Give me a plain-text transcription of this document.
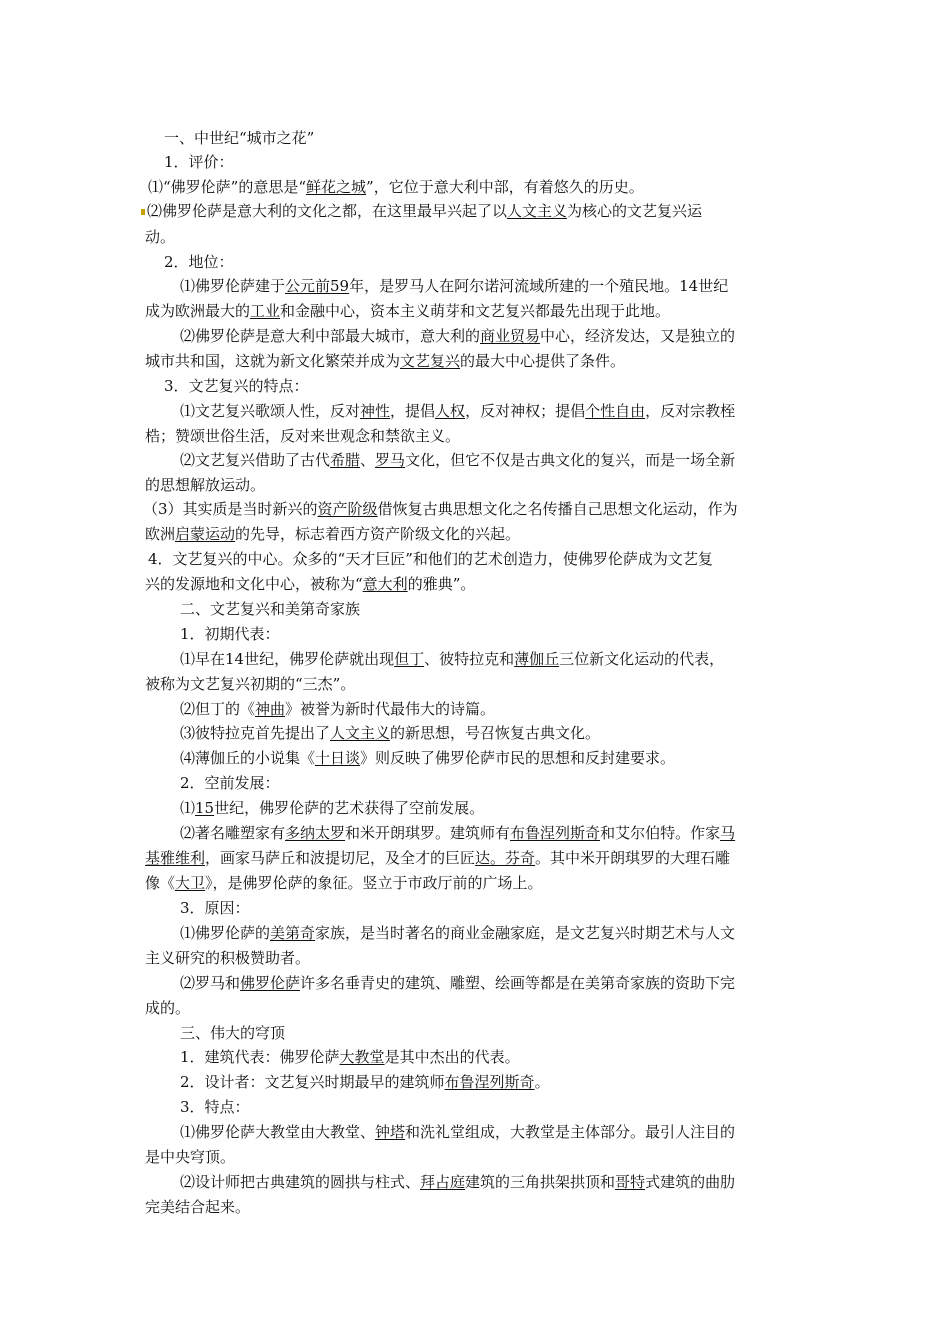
一、中世纪“城市之花”
1．评价：
⑴“佛罗伦萨”的意思是“鲜花之城”，它位于意大利中部，有着悠久的历史。
⑵佛罗伦萨是意大利的文化之都，在这里最早兴起了以人文主义为核心的文艺复兴运
动。
2．地位：
⑴佛罗伦萨建于公元前59年，是罗马人在阿尔诺河流域所建的一个殖民地。14世纪
成为欧洲最大的工业和金融中心，资本主义萌芽和文艺复兴都最先出现于此地。
⑵佛罗伦萨是意大利中部最大城市，意大利的商业贸易中心，经济发达，又是独立的
城市共和国，这就为新文化繁荣并成为文艺复兴的最大中心提供了条件。
3．文艺复兴的特点：
⑴文艺复兴歌颂人性，反对神性，提倡人权，反对神权；提倡个性自由，反对宗教桎
梏；赞颂世俗生活，反对来世观念和禁欲主义。
⑵文艺复兴借助了古代希腊、罗马文化，但它不仅是古典文化的复兴，而是一场全新
的思想解放运动。
（3）其实质是当时新兴的资产阶级借恢复古典思想文化之名传播自己思想文化运动，作为
欧洲启蒙运动的先导，标志着西方资产阶级文化的兴起。
4．文艺复兴的中心。众多的“天才巨匠”和他们的艺术创造力，使佛罗伦萨成为文艺复
兴的发源地和文化中心，被称为“意大利的雅典”。
二、文艺复兴和美第奇家族
1．初期代表：
⑴早在14世纪，佛罗伦萨就出现但丁、彼特拉克和薄伽丘三位新文化运动的代表，
被称为文艺复兴初期的“三杰”。
⑵但丁的《神曲》被誉为新时代最伟大的诗篇。
⑶彼特拉克首先提出了人文主义的新思想，号召恢复古典文化。
⑷薄伽丘的小说集《十日谈》则反映了佛罗伦萨市民的思想和反封建要求。
2．空前发展：
⑴15世纪，佛罗伦萨的艺术获得了空前发展。
⑵著名雕塑家有多纳太罗和米开朗琪罗。建筑师有布鲁涅列斯奇和艾尔伯特。作家马
基雅维利，画家马萨丘和波提切尼，及全才的巨匠达。芬奇。其中米开朗琪罗的大理石雕
像《大卫》，是佛罗伦萨的象征。竖立于市政厅前的广场上。
3．原因：
⑴佛罗伦萨的美第奇家族，是当时著名的商业金融家庭，是文艺复兴时期艺术与人文
主义研究的积极赞助者。
⑵罗马和佛罗伦萨许多名垂青史的建筑、雕塑、绘画等都是在美第奇家族的资助下完
成的。
三、伟大的穹顶
1．建筑代表：佛罗伦萨大教堂是其中杰出的代表。
2．设计者：文艺复兴时期最早的建筑师布鲁涅列斯奇。
3．特点：
⑴佛罗伦萨大教堂由大教堂、钟塔和洗礼堂组成，大教堂是主体部分。最引人注目的
是中央穹顶。
⑵设计师把古典建筑的圆拱与柱式、拜占庭建筑的三角拱架拱顶和哥特式建筑的曲肋
完美结合起来。
